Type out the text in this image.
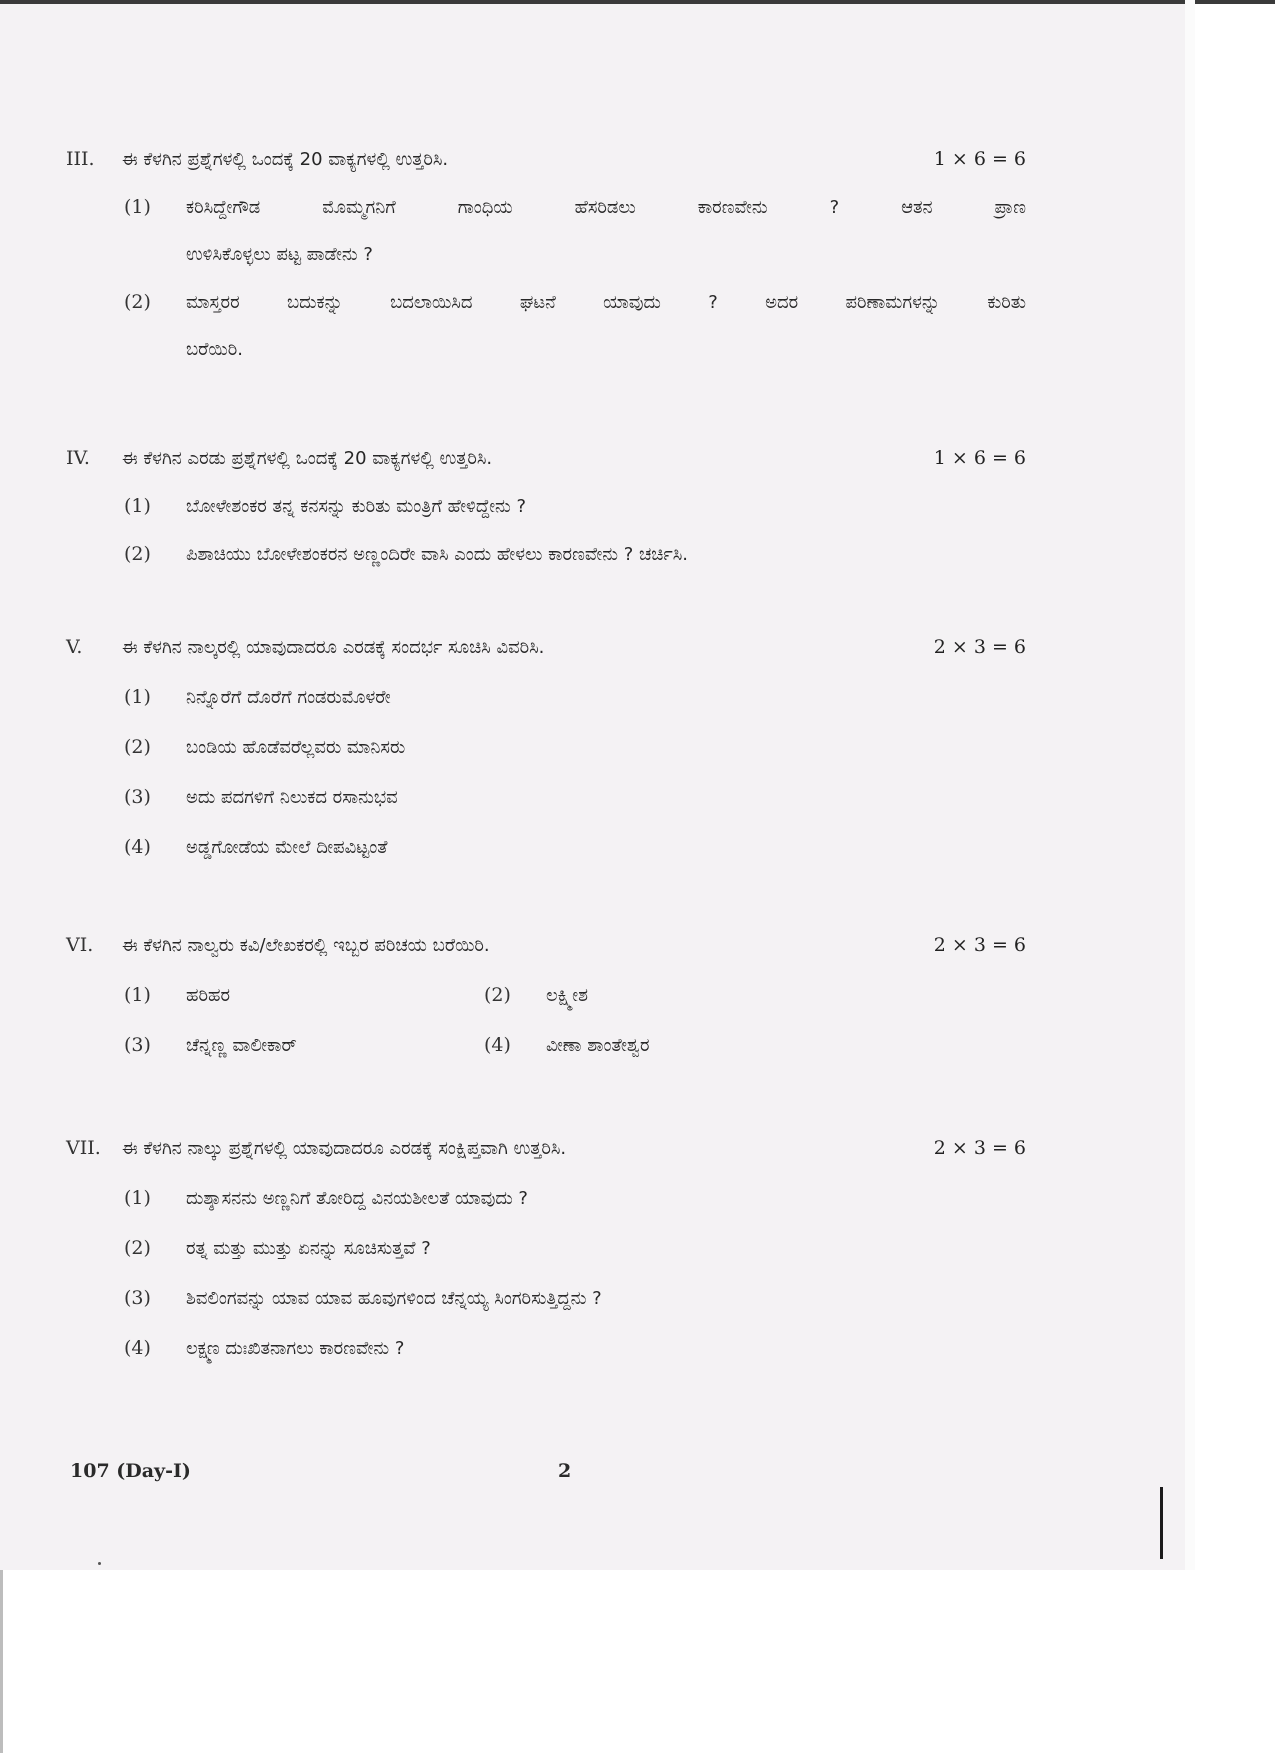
III.	ಈ ಕೆಳಗಿನ ಪ್ರಶ್ನೆಗಳಲ್ಲಿ ಒಂದಕ್ಕೆ 20 ವಾಕ್ಯಗಳಲ್ಲಿ ಉತ್ತರಿಸಿ.	1 × 6 = 6
(1)	ಕರಿಸಿದ್ದೇಗೌಡ ಮೊಮ್ಮಗನಿಗೆ ಗಾಂಧಿಯ ಹೆಸರಿಡಲು ಕಾರಣವೇನು ? ಆತನ ಪ್ರಾಣ
ಉಳಿಸಿಕೊಳ್ಳಲು ಪಟ್ಟ ಪಾಡೇನು ?
(2)	ಮಾಸ್ತರರ ಬದುಕನ್ನು ಬದಲಾಯಿಸಿದ ಘಟನೆ ಯಾವುದು ? ಅದರ ಪರಿಣಾಮಗಳನ್ನು ಕುರಿತು
ಬರೆಯಿರಿ.
IV.	ಈ ಕೆಳಗಿನ ಎರಡು ಪ್ರಶ್ನೆಗಳಲ್ಲಿ ಒಂದಕ್ಕೆ 20 ವಾಕ್ಯಗಳಲ್ಲಿ ಉತ್ತರಿಸಿ.	1 × 6 = 6
(1)	ಬೋಳೇಶಂಕರ ತನ್ನ ಕನಸನ್ನು ಕುರಿತು ಮಂತ್ರಿಗೆ ಹೇಳಿದ್ದೇನು ?
(2)	ಪಿಶಾಚಿಯು ಬೋಳೇಶಂಕರನ ಅಣ್ಣಂದಿರೇ ವಾಸಿ ಎಂದು ಹೇಳಲು ಕಾರಣವೇನು ? ಚರ್ಚಿಸಿ.
V.	ಈ ಕೆಳಗಿನ ನಾಲ್ಕರಲ್ಲಿ ಯಾವುದಾದರೂ ಎರಡಕ್ಕೆ ಸಂದರ್ಭ ಸೂಚಿಸಿ ವಿವರಿಸಿ.	2 × 3 = 6
(1)	ನಿನ್ನೊರೆಗೆ ದೊರೆಗೆ ಗಂಡರುಮೊಳರೇ
(2)	ಬಂಡಿಯ ಹೊಡೆವರೆಲ್ಲವರು ಮಾನಿಸರು
(3)	ಅದು ಪದಗಳಿಗೆ ನಿಲುಕದ ರಸಾನುಭವ
(4)	ಅಡ್ಡಗೋಡೆಯ ಮೇಲೆ ದೀಪವಿಟ್ಟಂತೆ
VI.	ಈ ಕೆಳಗಿನ ನಾಲ್ವರು ಕವಿ/ಲೇಖಕರಲ್ಲಿ ಇಬ್ಬರ ಪರಿಚಯ ಬರೆಯಿರಿ.	2 × 3 = 6
(1)	ಹರಿಹರ	(2)	ಲಕ್ಷ್ಮೀಶ
(3)	ಚೆನ್ನಣ್ಣ ವಾಲೀಕಾರ್	(4)	ವೀಣಾ ಶಾಂತೇಶ್ವರ
VII.	ಈ ಕೆಳಗಿನ ನಾಲ್ಕು ಪ್ರಶ್ನೆಗಳಲ್ಲಿ ಯಾವುದಾದರೂ ಎರಡಕ್ಕೆ ಸಂಕ್ಷಿಪ್ತವಾಗಿ ಉತ್ತರಿಸಿ.	2 × 3 = 6
(1)	ದುಶ್ಶಾಸನನು ಅಣ್ಣನಿಗೆ ತೋರಿದ್ದ ವಿನಯಶೀಲತೆ ಯಾವುದು ?
(2)	ರತ್ನ ಮತ್ತು ಮುತ್ತು ಏನನ್ನು ಸೂಚಿಸುತ್ತವೆ ?
(3)	ಶಿವಲಿಂಗವನ್ನು ಯಾವ ಯಾವ ಹೂವುಗಳಿಂದ ಚೆನ್ನಯ್ಯ ಸಿಂಗರಿಸುತ್ತಿದ್ದನು ?
(4)	ಲಕ್ಷ್ಮಣ ದುಃಖಿತನಾಗಲು ಕಾರಣವೇನು ?
107 (Day-I)	2
